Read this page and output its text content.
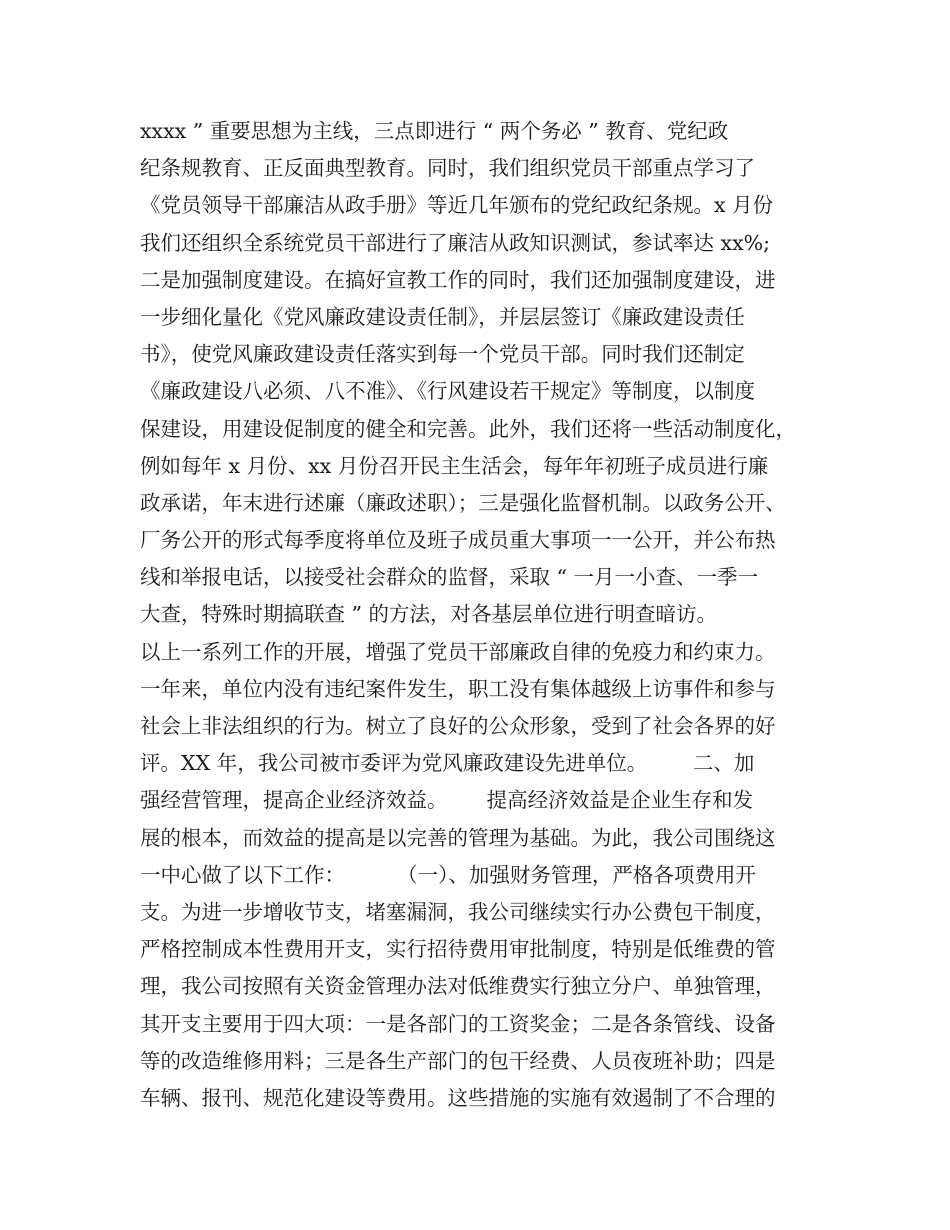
xxxx ” 重要思想为主线，三点即进行 “ 两个务必 ” 教育、党纪政
纪条规教育、正反面典型教育。同时，我们组织党员干部重点学习了
《党员领导干部廉洁从政手册》等近几年颁布的党纪政纪条规。x 月份
我们还组织全系统党员干部进行了廉洁从政知识测试，参试率达 xx%;
二是加强制度建设。在搞好宣教工作的同时，我们还加强制度建设，进
一步细化量化《党风廉政建设责任制》，并层层签订《廉政建设责任
书》，使党风廉政建设责任落实到每一个党员干部。同时我们还制定
《廉政建设八必须、八不准》、《行风建设若干规定》等制度，以制度
保建设，用建设促制度的健全和完善。此外，我们还将一些活动制度化，
例如每年 x 月份、xx 月份召开民主生活会，每年年初班子成员进行廉
政承诺，年末进行述廉（廉政述职）；三是强化监督机制。以政务公开、
厂务公开的形式每季度将单位及班子成员重大事项一一公开，并公布热
线和举报电话，以接受社会群众的监督，采取 “ 一月一小查、一季一
大查，特殊时期搞联查 ” 的方法，对各基层单位进行明查暗访。
以上一系列工作的开展，增强了党员干部廉政自律的免疫力和约束力。
一年来，单位内没有违纪案件发生，职工没有集体越级上访事件和参与
社会上非法组织的行为。树立了良好的公众形象，受到了社会各界的好
评。XX 年，我公司被市委评为党风廉政建设先进单位。       二、加
强经营管理，提高企业经济效益。      提高经济效益是企业生存和发
展的根本，而效益的提高是以完善的管理为基础。为此，我公司围绕这
一中心做了以下工作：        （一）、加强财务管理，严格各项费用开
支。为进一步增收节支，堵塞漏洞，我公司继续实行办公费包干制度，
严格控制成本性费用开支，实行招待费用审批制度，特别是低维费的管
理，我公司按照有关资金管理办法对低维费实行独立分户、单独管理，
其开支主要用于四大项：一是各部门的工资奖金；二是各条管线、设备
等的改造维修用料；三是各生产部门的包干经费、人员夜班补助；四是
车辆、报刊、规范化建设等费用。这些措施的实施有效遏制了不合理的
